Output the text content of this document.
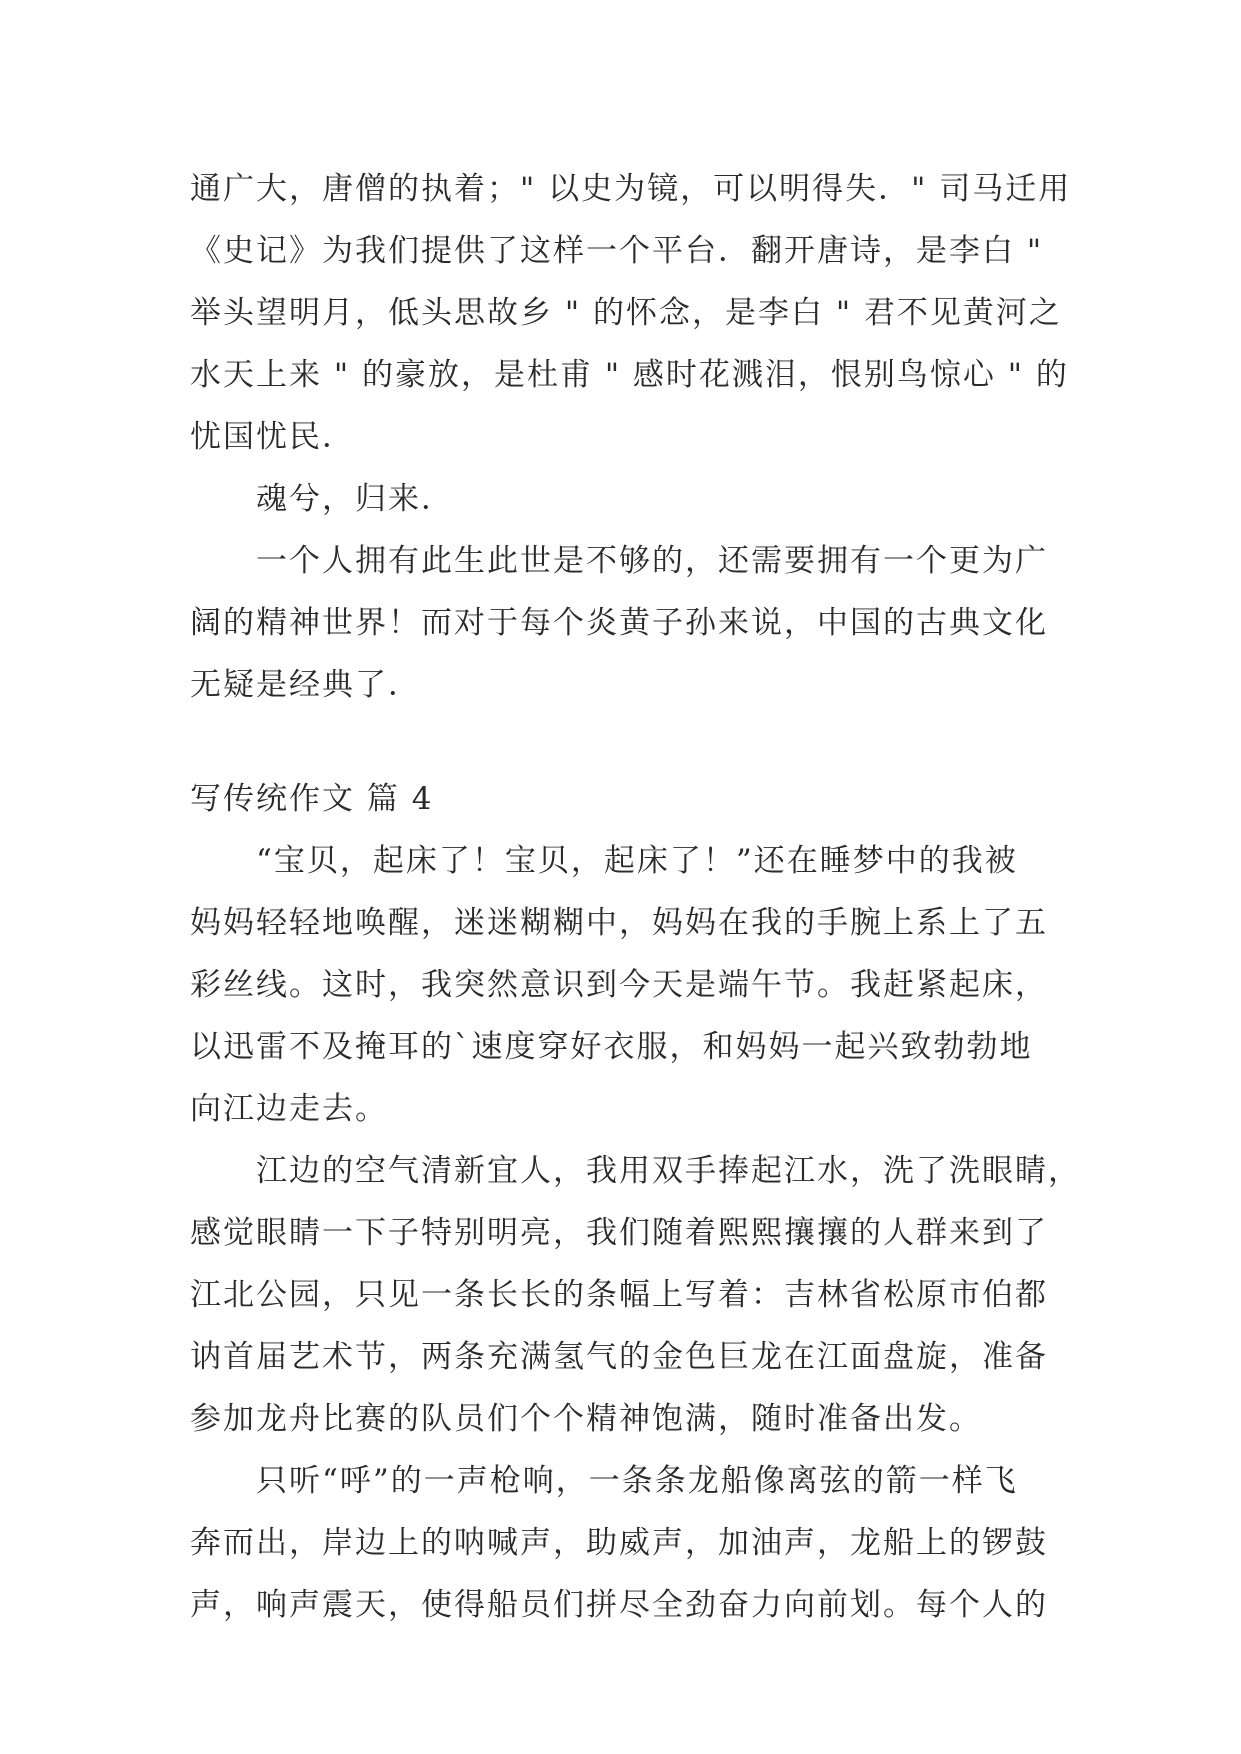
通广大，唐僧的执着；" 以史为镜，可以明得失．" 司马迁用
《史记》为我们提供了这样一个平台．翻开唐诗，是李白 "
举头望明月，低头思故乡 " 的怀念，是李白 " 君不见黄河之
水天上来 " 的豪放，是杜甫 " 感时花溅泪，恨别鸟惊心 " 的
忧国忧民．
魂兮，归来．
一个人拥有此生此世是不够的，还需要拥有一个更为广
阔的精神世界！而对于每个炎黄子孙来说，中国的古典文化
无疑是经典了．
写传统作文 篇 4
“宝贝，起床了！宝贝，起床了！”还在睡梦中的我被
妈妈轻轻地唤醒，迷迷糊糊中，妈妈在我的手腕上系上了五
彩丝线。这时，我突然意识到今天是端午节。我赶紧起床，
以迅雷不及掩耳的`速度穿好衣服，和妈妈一起兴致勃勃地
向江边走去。
江边的空气清新宜人，我用双手捧起江水，洗了洗眼睛，
感觉眼睛一下子特别明亮，我们随着熙熙攘攘的人群来到了
江北公园，只见一条长长的条幅上写着：吉林省松原市伯都
讷首届艺术节，两条充满氢气的金色巨龙在江面盘旋，准备
参加龙舟比赛的队员们个个精神饱满，随时准备出发。
只听“呼”的一声枪响，一条条龙船像离弦的箭一样飞
奔而出，岸边上的呐喊声，助威声，加油声，龙船上的锣鼓
声，响声震天，使得船员们拼尽全劲奋力向前划。每个人的
